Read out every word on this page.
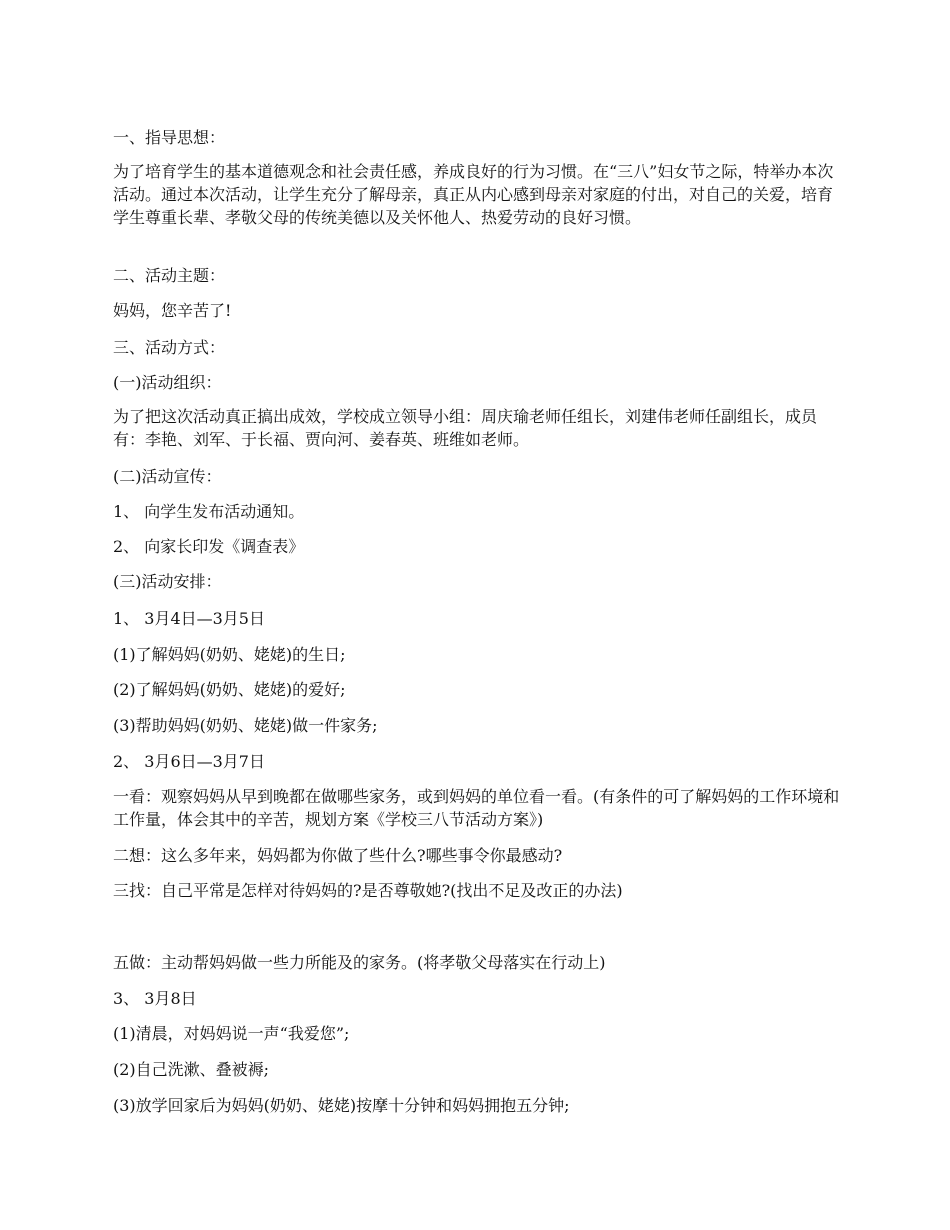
一、指导思想：

为了培育学生的基本道德观念和社会责任感，养成良好的行为习惯。在“三八”妇女节之际，特举办本次活动。通过本次活动，让学生充分了解母亲，真正从内心感到母亲对家庭的付出，对自己的关爱，培育学生尊重长辈、孝敬父母的传统美德以及关怀他人、热爱劳动的良好习惯。

二、活动主题：

妈妈，您辛苦了!

三、活动方式：

(一)活动组织：

为了把这次活动真正搞出成效，学校成立领导小组：周庆瑜老师任组长，刘建伟老师任副组长，成员有：李艳、刘军、于长福、贾向河、姜春英、班维如老师。

(二)活动宣传：

1、 向学生发布活动通知。

2、 向家长印发《调查表》

(三)活动安排：

1、 3月4日—3月5日

(1)了解妈妈(奶奶、姥姥)的生日;

(2)了解妈妈(奶奶、姥姥)的爱好;

(3)帮助妈妈(奶奶、姥姥)做一件家务;

2、 3月6日—3月7日

一看：观察妈妈从早到晚都在做哪些家务，或到妈妈的单位看一看。(有条件的可了解妈妈的工作环境和工作量，体会其中的辛苦，规划方案《学校三八节活动方案》)

二想：这么多年来，妈妈都为你做了些什么?哪些事令你最感动?

三找：自己平常是怎样对待妈妈的?是否尊敬她?(找出不足及改正的办法)

五做：主动帮妈妈做一些力所能及的家务。(将孝敬父母落实在行动上)

3、 3月8日

(1)清晨，对妈妈说一声“我爱您”;

(2)自己洗漱、叠被褥;

(3)放学回家后为妈妈(奶奶、姥姥)按摩十分钟和妈妈拥抱五分钟;
